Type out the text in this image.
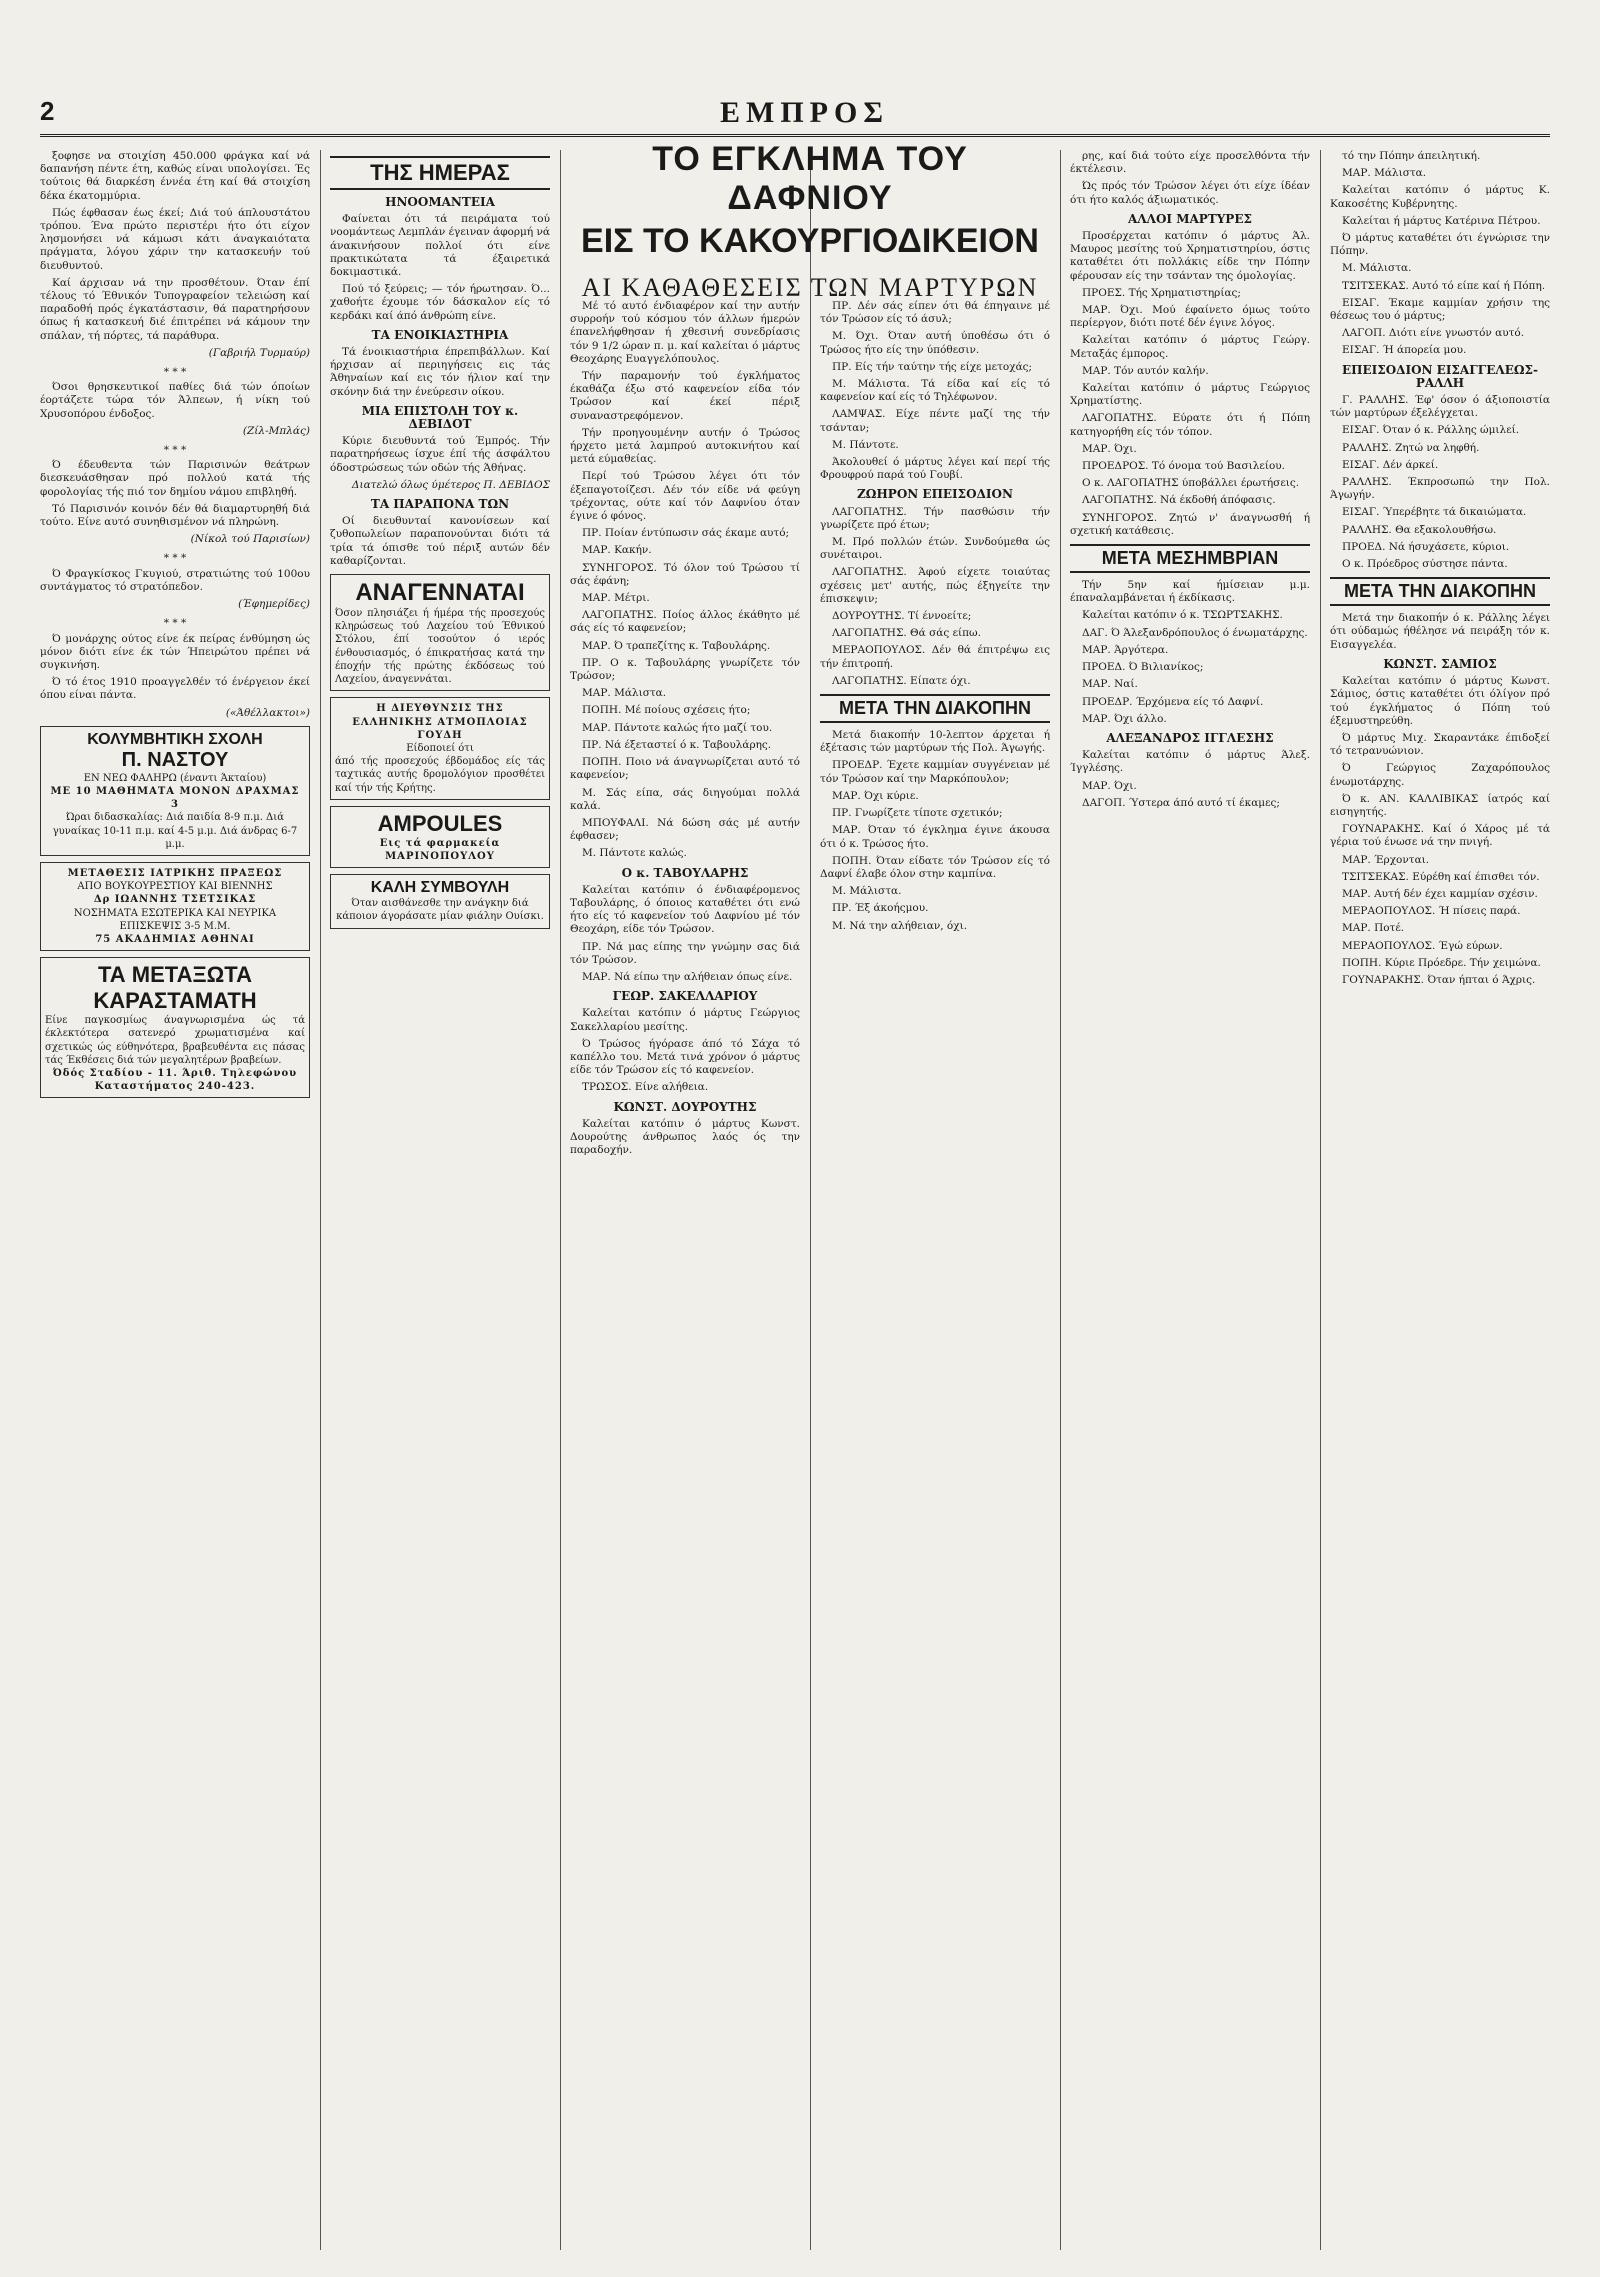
2	ΕΜΠΡΟΣ

ξοφησε να στοιχίση 450.000 φράγκα καί νά δαπανήση πέντε έτη, καθώς είναι υπολογίσει. Ές τούτοις θά διαρκέση έννέα έτη καί θά στοιχίση δέκα έκατομμύρια.

Πώς έφθασαν έως έκεί; Διά τού άπλουστάτου τρόπου. Ένα πρώτο περιστέρι ήτο ότι είχον λησμονήσει νά κάμωσι κάτι άναγκαιότατα πράγματα, λόγου χάριν την κατασκευήν τού διευθυντού.

Καί άρχισαν νά την προσθέτουν. Όταν έπί τέλους τό Έθνικόν Τυπογραφείον τελειώση καί παραδοθή πρός έγκατάστασιν, θά παρατηρήσουν όπως ή κατασκευή διέ έπιτρέπει νά κάμουν την σπάλαν, τή πόρτες, τά παράθυρα.

(Γαβριήλ Τυρμαύρ)
* * *

Όσοι θρησκευτικοί παθίες διά τών όποίων έορτάζετε τώρα τόν Άλπεων, ή νίκη τού Χρυσοπόρου ένδοξος.

(Ζίλ-Μπλάς)
* * *

Ό έδευθεντα τών Παρισινών θεάτρων διεσκευάσθησαν πρό πολλού κατά τής φορολογίας τής πιό τον δημίου νάμου επιβληθή.

Τό Παρισινόν κοινόν δέν θά διαμαρτυρηθή διά τούτο. Είνε αυτό συνηθισμένον νά πληρώνη.

(Νίκολ τού Παρισίων)
* * *

Ό Φραγκίσκος Γκυγιού, στρατιώτης τού 100ου συντάγματος τό στρατόπεδον.

(Έφημερίδες)
* * *

Ό μονάρχης ούτος είνε έκ πείρας ένθύμηση ώς μόνον διότι είνε έκ τών Ήπειρώτου πρέπει νά συγκινήση.

Ό τό έτος 1910 προαγγελθέν τό ένέργειον έκεί όπου είναι πάντα.

(«Άθέλλακτοι»)
ΚΟΛΥΜΒΗΤΙΚΗ ΣΧΟΛΗ
Π. ΝΑΣΤΟΥ
ΕΝ ΝΕΩ ΦΑΛΗΡΩ (έναντι Άκταίου)
ΜΕ 10 ΜΑΘΗΜΑΤΑ ΜΟΝΟΝ ΔΡΑΧΜΑΣ 3
Ώραι διδασκαλίας: Διά παιδία 8-9 π.μ. Διά γυναίκας 10-11 π.μ. καί 4-5 μ.μ. Διά άνδρας 6-7 μ.μ.
ΜΕΤΑΘΕΣΙΣ ΙΑΤΡΙΚΗΣ ΠΡΑΞΕΩΣ
ΑΠΟ ΒΟΥΚΟΥΡΕΣΤΙΟΥ ΚΑΙ ΒΙΕΝΝΗΣ
Δρ ΙΩΑΝΝΗΣ ΤΣΕΤΣΙΚΑΣ
ΝΟΣΗΜΑΤΑ ΕΣΩΤΕΡΙΚΑ ΚΑΙ ΝΕΥΡΙΚΑ ΕΠΙΣΚΕΨΙΣ 3-5 Μ.Μ.
75 ΑΚΑΔΗΜΙΑΣ ΑΘΗΝΑΙ
ΤΑ ΜΕΤΑΞΩΤΑ ΚΑΡΑΣΤΑΜΑΤΗ
Είνε παγκοσμίως άναγνωρισμένα ώς τά έκλεκτότερα σατενερό χρωματισμένα καί σχετικώς ώς εύθηνότερα, βραβευθέντα εις πάσας τάς Έκθέσεις διά τών μεγαλητέρων βραβείων.
Όδός Σταδίου - 11. Άριθ. Τηλεφώνου Καταστήματος 240-423.
ΤΗΣ ΗΜΕΡΑΣ
ΗΝΟΟΜΑΝΤΕΙΑ

Φαίνεται ότι τά πειράματα τού νοομάντεως Λεμπλάν έγειναν άφορμή νά άνακινήσουν πολλοί ότι είνε πρακτικώτατα τά έξαιρετικά δοκιμαστικά.

Πού τό ξεύρεις; — τόν ήρωτησαν. Ό... χαθοήτε έχουμε τόν δάσκαλον είς τό κερδάκι καί άπό άνθρώπη είνε.

ΤΑ ΕΝΟΙΚΙΑΣΤΗΡΙΑ

Τά ένοικιαστήρια έπρεπιβάλλων. Καί ήρχισαν αί περιηγήσεις εις τάς Άθηναίων καί εις τόν ήλιον καί την σκόνην διά την ένεύρεσιν οίκου.

ΜΙΑ ΕΠΙΣΤΟΛΗ ΤΟΥ κ. ΔΕΒΙΔΟΤ

Κύριε διευθυντά τού Έμπρός. Τήν παρατηρήσεως ίσχυε έπί τής άσφάλτου όδοστρώσεως τών οδών τής Άθήνας.

Διατελώ όλως ύμέτερος Π. ΔΕΒΙΔΟΣ
ΤΑ ΠΑΡΑΠΟΝΑ ΤΩΝ

Οί διευθυνταί κανονίσεων καί ζυθοπωλείων παραπονούνται διότι τά τρία τά όπισθε τού πέριξ αυτών δέν καθαρίζονται.

ΑΝΑΓΕΝΝΑΤΑΙ
Όσον πλησιάζει ή ήμέρα τής προσεχούς κληρώσεως τού Λαχείου τού Έθνικού Στόλου, έπί τοσούτον ό ιερός ένθουσιασμός, ό έπικρατήσας κατά την έποχήν τής πρώτης έκδόσεως τού Λαχείου, άναγεννάται.
Η ΔΙΕΥΘΥΝΣΙΣ ΤΗΣ ΕΛΛΗΝΙΚΗΣ ΑΤΜΟΠΛΟΙΑΣ ΓΟΥΔΗ
Είδοποιεί ότι
άπό τής προσεχούς έβδομάδος είς τάς ταχτικάς αυτής δρομολόγιον προσθέτει καί τήν τής Κρήτης.
AMPOULES
Εις τά φαρμακεία ΜΑΡΙΝΟΠΟΥΛΟΥ
ΚΑΛΗ ΣΥΜΒΟΥΛΗ
Όταν αισθάνεσθε την ανάγκην διά κάποιον άγοράσατε μίαν φιάλην Ουίσκι.
ΤΟ ΕΓΚΛΗΜΑ ΤΟΥ ΔΑΦΝΙΟΥ
ΕΙΣ ΤΟ ΚΑΚΟΥΡΓΙΟΔΙΚΕΙΟΝ
ΑΙ ΚΑΘΑΘΕΣΕΙΣ ΤΩΝ ΜΑΡΤΥΡΩΝ

Μέ τό αυτό ένδιαφέρον καί την αυτήν συρροήν τού κόσμου τόν άλλων ήμερών έπανελήφθησαν ή χθεσινή συνεδρίασις τόν 9 1/2 ώραν π. μ. καί καλείται ό μάρτυς Θεοχάρης Ευαγγελόπουλος.

Τήν παραμονήν τού έγκλήματος έκαθάζα έξω στό καφενείον είδα τόν Τρώσον καί έκεί πέριξ συναναστρεφόμενον.

Τήν προηγουμένην αυτήν ό Τρώσος ήρχετο μετά λαμπρού αυτοκινήτου καί μετά εύμαθείας.

Περί τού Τρώσου λέγει ότι τόν έξεπαγοτοίζεσι. Δέν τόν είδε νά φεύγη τρέχοντας, ούτε καί τόν Δαφνίου όταν έγινε ό φόνος.

ΠΡ. Ποίαν έντύπωσιν σάς έκαμε αυτό;

ΜΑΡ. Κακήν.

ΣΥΝΗΓΟΡΟΣ. Τό όλον τού Τρώσου τί σάς έφάνη;

ΜΑΡ. Μέτρι.

ΛΑΓΟΠΑΤΗΣ. Ποίος άλλος έκάθητο μέ σάς είς τό καφενείον;

ΜΑΡ. Ό τραπεζίτης κ. Ταβουλάρης.

ΠΡ. Ο κ. Ταβουλάρης γνωρίζετε τόν Τρώσον;

ΜΑΡ. Μάλιστα.

ΠΟΠΗ. Μέ ποίους σχέσεις ήτο;

ΜΑΡ. Πάντοτε καλώς ήτο μαζί του.

ΠΡ. Νά έξεταστεί ό κ. Ταβουλάρης.

ΠΟΠΗ. Ποιο νά άναγνωρίζεται αυτό τό καφενείον;

Μ. Σάς είπα, σάς διηγούμαι πολλά καλά.

ΜΠΟΥΦΑΛΙ. Νά δώση σάς μέ αυτήν έφθασεν;

Μ. Πάντοτε καλώς.

Ο κ. ΤΑΒΟΥΛΑΡΗΣ

Καλείται κατόπιν ό ένδιαφέρομενος Ταβουλάρης, ό όποιος καταθέτει ότι ενώ ήτο είς τό καφενείον τού Δαφνίου μέ τόν Θεοχάρη, είδε τόν Τρώσον.

ΠΡ. Νά μας είπης την γνώμην σας διά τόν Τρώσον.

ΜΑΡ. Νά είπω την αλήθειαν όπως είνε.

ΓΕΩΡ. ΣΑΚΕΛΛΑΡΙΟΥ

Καλείται κατόπιν ό μάρτυς Γεώργιος Σακελλαρίου μεσίτης.

Ό Τρώσος ήγόρασε άπό τό Σάχα τό καπέλλο του. Μετά τινά χρόνον ό μάρτυς είδε τόν Τρώσον είς τό καφενείον.

ΤΡΩΣΟΣ. Είνε αλήθεια.

ΚΩΝΣΤ. ΔΟΥΡΟΥΤΗΣ

Καλείται κατόπιν ό μάρτυς Κωνστ. Δουρούτης άνθρωπος λαός ός την παραδοχήν.

ΠΡ. Δέν σάς είπεν ότι θά έπηγαινε μέ τόν Τρώσον είς τό άσυλ;

Μ. Όχι. Όταν αυτή ύποθέσω ότι ό Τρώσος ήτο είς την ύπόθεσιν.

ΠΡ. Είς τήν ταύτην τής είχε μετοχάς;

Μ. Μάλιστα. Τά είδα καί είς τό καφενείον καί είς τό Τηλέφωνον.

ΛΑΜΨΑΣ. Είχε πέντε μαζί της τήν τσάνταν;

Μ. Πάντοτε.

Άκολουθεί ό μάρτυς λέγει καί περί τής Φρουφρού παρά τού Γουβί.

ΖΩΗΡΟΝ ΕΠΕΙΣΟΔΙΟΝ

ΛΑΓΟΠΑΤΗΣ. Τήν πασθώσιν τήν γνωρίζετε πρό έτων;

Μ. Πρό πολλών έτών. Συνδούμεθα ώς συνέταιροι.

ΛΑΓΟΠΑΤΗΣ. Άφού είχετε τοιαύτας σχέσεις μετ' αυτής, πώς έξηγείτε την έπισκεψιν;

ΔΟΥΡΟΥΤΗΣ. Τί έννοείτε;

ΛΑΓΟΠΑΤΗΣ. Θά σάς είπω.

ΜΕΡΑΟΠΟΥΛΟΣ. Δέν θά έπιτρέψω εις τήν έπιτροπή.

ΛΑΓΟΠΑΤΗΣ. Είπατε όχι.

ΜΕΤΑ ΤΗΝ ΔΙΑΚΟΠΗΝ

Μετά διακοπήν 10-λεπτον άρχεται ή έξέτασις τών μαρτύρων τής Πολ. Άγωγής.

ΠΡΟΕΔΡ. Έχετε καμμίαν συγγένειαν μέ τόν Τρώσον καί την Μαρκόπουλον;

ΜΑΡ. Όχι κύριε.

ΠΡ. Γνωρίζετε τίποτε σχετικόν;

ΜΑΡ. Όταν τό έγκλημα έγινε άκουσα ότι ό κ. Τρώσος ήτο.

ΠΟΠΗ. Όταν είδατε τόν Τρώσον είς τό Δαφνί έλαβε όλον στην καμπίνα.

Μ. Μάλιστα.

ΠΡ. Έξ άκοήςμου.

Μ. Νά την αλήθειαν, όχι.

ρης, καί διά τούτο είχε προσελθόντα τήν έκτέλεσιν.

Ώς πρός τόν Τρώσον λέγει ότι είχε ίδέαν ότι ήτο καλός άξιωματικός.

ΑΛΛΟΙ ΜΑΡΤΥΡΕΣ

Προσέρχεται κατόπιν ό μάρτυς Άλ. Μαυρος μεσίτης τού Χρηματιστηρίου, όστις καταθέτει ότι πολλάκις είδε την Πόπην φέρουσαν είς την τσάνταν της όμολογίας.

ΠΡΟΕΣ. Τής Χρηματιστηρίας;

ΜΑΡ. Όχι. Μού έφαίνετο όμως τούτο περίεργον, διότι ποτέ δέν έγινε λόγος.

Καλείται κατόπιν ό μάρτυς Γεώργ. Μεταξάς έμπορος.

ΜΑΡ. Τόν αυτόν καλήν.

Καλείται κατόπιν ό μάρτυς Γεώργιος Χρηματίστης.

ΛΑΓΟΠΑΤΗΣ. Εύρατε ότι ή Πόπη κατηγορήθη είς τόν τόπον.

ΜΑΡ. Όχι.

ΠΡΟΕΔΡΟΣ. Τό όνομα τού Βασιλείου.

Ο κ. ΛΑΓΟΠΑΤΗΣ ύποβάλλει έρωτήσεις.

ΛΑΓΟΠΑΤΗΣ. Νά έκδοθή άπόφασις.

ΣΥΝΗΓΟΡΟΣ. Ζητώ ν' άναγνωσθή ή σχετική κατάθεσις.

ΜΕΤΑ ΜΕΣΗΜΒΡΙΑΝ

Τήν 5ην καί ήμίσειαν μ.μ. έπαναλαμβάνεται ή έκδίκασις.

Καλείται κατόπιν ό κ. ΤΣΩΡΤΣΑΚΗΣ.

ΔΑΓ. Ό Άλεξανδρόπουλος ό ένωματάρχης.

ΜΑΡ. Άργότερα.

ΠΡΟΕΔ. Ό Βιλιανίκος;

ΜΑΡ. Ναί.

ΠΡΟΕΔΡ. Έρχόμενα είς τό Δαφνί.

ΜΑΡ. Όχι άλλο.

ΑΛΕΞΑΝΔΡΟΣ ΙΓΓΛΕΣΗΣ

Καλείται κατόπιν ό μάρτυς Άλεξ. Ίγγλέσης.

ΜΑΡ. Όχι.

ΔΑΓΟΠ. Ύστερα άπό αυτό τί έκαμες;

τό την Πόπην άπειλητική.

ΜΑΡ. Μάλιστα.

Καλείται κατόπιν ό μάρτυς Κ. Κακοσέτης Κυβέρνητης.

Καλείται ή μάρτυς Κατέρινα Πέτρου.

Ό μάρτυς καταθέτει ότι έγνώρισε την Πόπην.

Μ. Μάλιστα.

ΤΣΙΤΣΕΚΑΣ. Αυτό τό είπε καί ή Πόπη.

ΕΙΣΑΓ. Έκαμε καμμίαν χρήσιν της θέσεως του ό μάρτυς;

ΛΑΓΟΠ. Διότι είνε γνωστόν αυτό.

ΕΙΣΑΓ. Ή άπορεία μου.

ΕΠΕΙΣΟΔΙΟΝ ΕΙΣΑΓΓΕΛΕΩΣ-ΡΑΛΛΗ

Γ. ΡΑΛΛΗΣ. Έφ' όσον ό άξιοποιστία τών μαρτύρων έξελέγχεται.

ΕΙΣΑΓ. Όταν ό κ. Ράλλης ώμιλεί.

ΡΑΛΛΗΣ. Ζητώ να ληφθή.

ΕΙΣΑΓ. Δέν άρκεί.

ΡΑΛΛΗΣ. Έκπροσωπώ την Πολ. Άγωγήν.

ΕΙΣΑΓ. Ύπερέβητε τά δικαιώματα.

ΡΑΛΛΗΣ. Θα εξακολουθήσω.

ΠΡΟΕΔ. Νά ήσυχάσετε, κύριοι.

Ο κ. Πρόεδρος σύστησε πάντα.

ΜΕΤΑ ΤΗΝ ΔΙΑΚΟΠΗΝ

Μετά την διακοπήν ό κ. Ράλλης λέγει ότι ούδαμώς ήθέλησε νά πειράξη τόν κ. Εισαγγελέα.

ΚΩΝΣΤ. ΣΑΜΙΟΣ

Καλείται κατόπιν ό μάρτυς Κωνστ. Σάμιος, όστις καταθέτει ότι όλίγον πρό τού έγκλήματος ό Πόπη τού έξεμυστηρεύθη.

Ό μάρτυς Μιχ. Σκαραντάκε έπιδοξεί τό τετρανυώνιον.

Ό Γεώργιος Ζαχαρόπουλος ένωμοτάρχης.

Ό κ. ΑΝ. ΚΑΛΛΙΒΙΚΑΣ ίατρός καί εισηγητής.

ΓΟΥΝΑΡΑΚΗΣ. Καί ό Χάρος μέ τά γέρια τού ένωσε νά την πνιγή.

ΜΑΡ. Έρχονται.

ΤΣΙΤΣΕΚΑΣ. Εύρέθη καί έπισθει τόν.

ΜΑΡ. Αυτή δέν έχει καμμίαν σχέσιν.

ΜΕΡΑΟΠΟΥΛΟΣ. Ή πίσεις παρά.

ΜΑΡ. Ποτέ.

ΜΕΡΑΟΠΟΥΛΟΣ. Έγώ εύρων.

ΠΟΠΗ. Κύριε Πρόεδρε. Τήν χειμώνα.

ΓΟΥΝΑΡΑΚΗΣ. Όταν ήπται ό Άχρις.
